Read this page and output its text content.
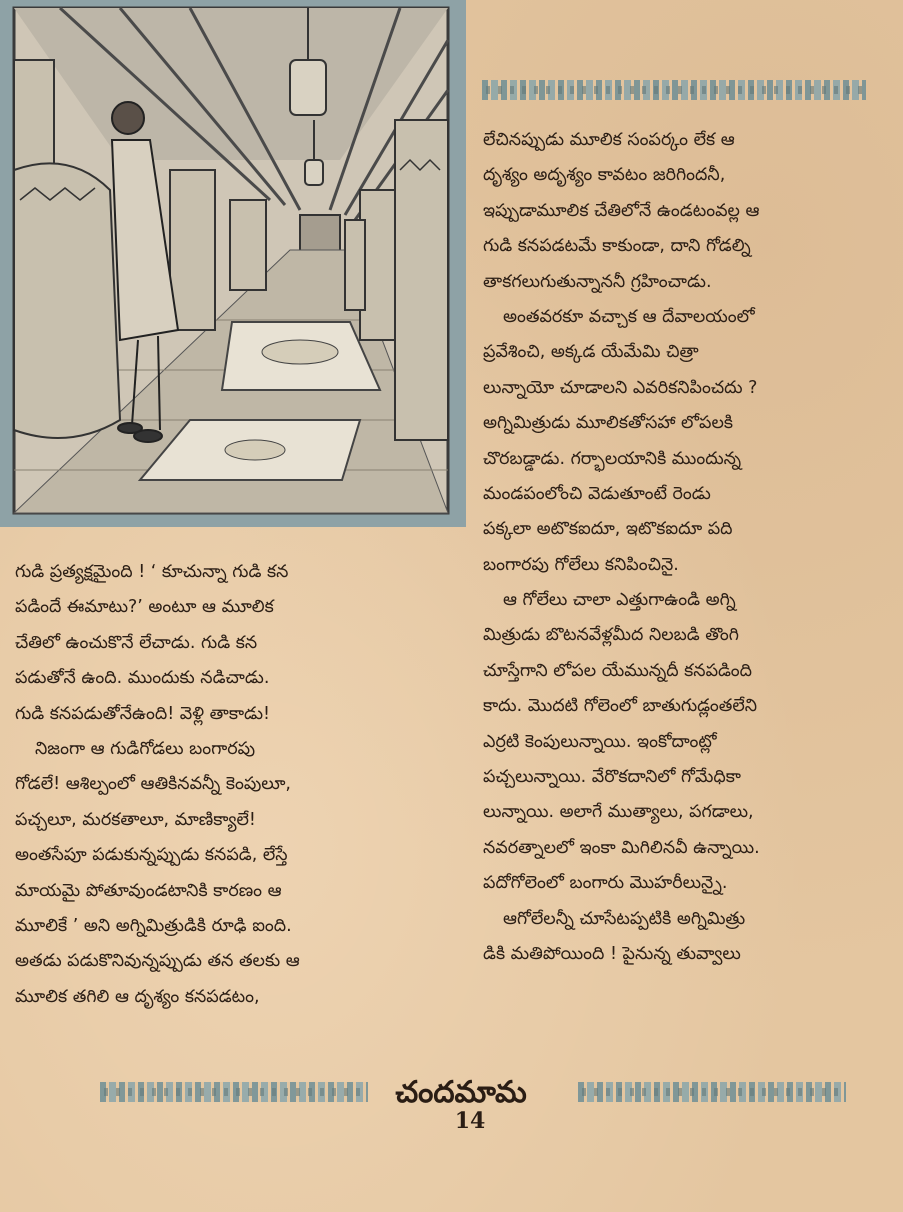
లేచినప్పుడు మూలిక సంపర్కం లేక ఆ
దృశ్యం అదృశ్యం కావటం జరిగిందనీ,
ఇప్పుడామూలిక చేతిలోనే ఉండటంవల్ల ఆ
గుడి కనపడటమే కాకుండా, దాని గోడల్ని
తాకగలుగుతున్నాననీ గ్రహించాడు.
అంతవరకూ వచ్చాక ఆ దేవాలయంలో
ప్రవేశించి, అక్కడ యేమేమి చిత్రా
లున్నాయో చూడాలని ఎవరికనిపించదు ?
అగ్నిమిత్రుడు మూలికతోసహా లోపలకి
చొరబడ్డాడు. గర్భాలయానికి ముందున్న
మండపంలోంచి వెడుతూంటే రెండు
పక్కలా అటొకఐదూ, ఇటొకఐదూ పది
బంగారపు గోలేలు కనిపించినై.
ఆ గోలేలు చాలా ఎత్తుగాఉండి అగ్ని
మిత్రుడు బొటనవేళ్లమీద నిలబడి తొంగి
చూస్తేగాని లోపల యేమున్నదీ కనపడింది
కాదు. మొదటి గోలెంలో బాతుగుడ్లంతలేని
ఎర్రటి కెంపులున్నాయి. ఇంకోదాంట్లో
పచ్చలున్నాయి. వేరొకదానిలో గోమేధికా
లున్నాయి. అలాగే ముత్యాలు, పగడాలు,
నవరత్నాలలో ఇంకా మిగిలినవీ ఉన్నాయి.
పదోగోలెంలో బంగారు మొహరీలున్నై.
ఆగోలేలన్నీ చూసేటప్పటికి అగ్నిమిత్రు
డికి మతిపోయింది ! పైనున్న తువ్వాలు
గుడి ప్రత్యక్షమైంది ! ‘ కూచున్నా గుడి కన
పడిందే ఈమాటు?’ అంటూ ఆ మూలిక
చేతిలో ఉంచుకొనే లేచాడు. గుడి కన
పడుతోనే ఉంది. ముందుకు నడిచాడు.
గుడి కనపడుతోనేఉంది! వెళ్లి తాకాడు!
నిజంగా ఆ గుడిగోడలు బంగారపు
గోడలే! ఆశిల్పంలో ఆతికినవన్నీ కెంపులూ,
పచ్చలూ, మరకతాలూ, మాణిక్యాలే!
అంతసేపూ పడుకున్నప్పుడు కనపడి, లేస్తే
మాయమై పోతూవుండటానికి కారణం ఆ
మూలికే ’ అని అగ్నిమిత్రుడికి రూఢి ఐంది.
అతడు పడుకొనివున్నప్పుడు తన తలకు ఆ
మూలిక తగిలి ఆ దృశ్యం కనపడటం,
చందమామ
14
